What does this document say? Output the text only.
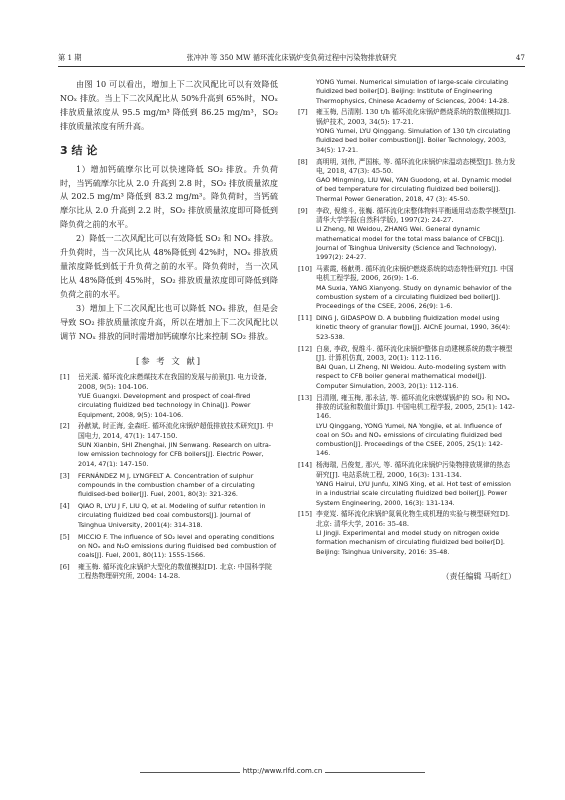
第 1 期	张冲冲 等 350 MW 循环流化床锅炉变负荷过程中污染物排放研究	47

由图 10 可以看出，增加上下二次风配比可以有效降低 NOₓ 排放。当上下二次风配比从 50%升高到 65%时，NOₓ 排放质量浓度从 95.5 mg/m³ 降低到 86.25 mg/m³，SO₂ 排放质量浓度有所升高。

3 结 论

1）增加钙硫摩尔比可以快速降低 SO₂ 排放。升负荷时，当钙硫摩尔比从 2.0 升高到 2.8 时，SO₂ 排放质量浓度从 202.5 mg/m³ 降低到 83.2 mg/m³。降负荷时，当钙硫摩尔比从 2.0 升高到 2.2 时，SO₂ 排放质量浓度即可降低到降负荷之前的水平。

2）降低一二次风配比可以有效降低 SO₂ 和 NOₓ 排放。升负荷时，当一次风比从 48%降低到 42%时，NOₓ 排放质量浓度降低到低于升负荷之前的水平。降负荷时，当一次风比从 48%降低到 45%时，SO₂ 排放质量浓度即可降低到降负荷之前的水平。

3）增加上下二次风配比也可以降低 NOₓ 排放，但是会导致 SO₂ 排放质量浓度升高，所以在增加上下二次风配比以调节 NOₓ 排放的同时需增加钙硫摩尔比来控制 SO₂ 排放。

[参 考 文 献]
[1]	岳光溪. 循环流化床燃煤技术在我国的发展与前景[J]. 电力设备, 2008, 9(5): 104-106.
YUE Guangxi. Development and prospect of coal-fired circulating fluidized bed technology in China[J]. Power Equipment, 2008, 9(5): 104-106.
[2]	孙献斌, 时正海, 金森旺. 循环流化床锅炉超低排放技术研究[J]. 中国电力, 2014, 47(1): 147-150.
SUN Xianbin, SHI Zhenghai, JIN Senwang. Research on ultra-low emission technology for CFB boilers[J]. Electric Power, 2014, 47(1): 147-150.
[3]	FERNÁNDEZ M J, LYNGFELT A. Concentration of sulphur compounds in the combustion chamber of a circulating fluidised-bed boiler[J]. Fuel, 2001, 80(3): 321-326.
[4]	QIAO R, LYU J F, LIU Q, et al. Modeling of sulfur retention in circulating fluidized bed coal combustors[J]. Journal of Tsinghua University, 2001(4): 314-318.
[5]	MICCIO F. The influence of SO₂ level and operating conditions on NOₓ and N₂O emissions during fluidised bed combustion of coals[J]. Fuel, 2001, 80(11): 1555-1566.
[6]	雍玉梅. 循环流化床锅炉大型化的数值模拟[D]. 北京: 中国科学院工程热物理研究所, 2004: 14-28.
YONG Yumei. Numerical simulation of large-scale circulating fluidized bed boiler[D]. Beijing: Institute of Engineering Thermophysics, Chinese Academy of Sciences, 2004: 14-28.
[7]	雍玉梅, 吕清刚. 130 t/h 循环流化床锅炉燃烧系统的数值模拟[J]. 锅炉技术, 2003, 34(5): 17-21.
YONG Yumei, LYU Qinggang. Simulation of 130 t/h circulating fluidized bed boiler combustion[J]. Boiler Technology, 2003, 34(5): 17-21.
[8]	高明明, 刘伟, 严国栋, 等. 循环流化床锅炉床温动态模型[J]. 热力发电, 2018, 47(3): 45-50.
GAO Mingming, LIU Wei, YAN Guodong, et al. Dynamic model of bed temperature for circulating fluidized bed boilers[J]. Thermal Power Generation, 2018, 47 (3): 45-50.
[9]	李政, 倪维斗, 张巍. 循环流化床整体物料平衡通用动态数学模型[J]. 清华大学学报(自然科学版), 1997(2): 24-27.
LI Zheng, NI Weidou, ZHANG Wei. General dynamic mathematical model for the total mass balance of CFBC[J]. Journal of Tsinghua University (Science and Technology), 1997(2): 24-27.
[10] 马素霞, 杨献勇. 循环流化床锅炉燃烧系统的动态特性研究[J]. 中国电机工程学报, 2006, 26(9): 1-6.
MA Suxia, YANG Xianyong. Study on dynamic behavior of the combustion system of a circulating fluidized bed boiler[J]. Proceedings of the CSEE, 2006, 26(9): 1-6.
[11] DING J, GIDASPOW D. A bubbling fluidization model using kinetic theory of granular flow[J]. AIChE Journal, 1990, 36(4): 523-538.
[12] 白泉, 李政, 倪维斗. 循环流化床锅炉整体自动建模系统的数字模型[J]. 计算机仿真, 2003, 20(1): 112-116.
BAI Quan, LI Zheng, NI Weidou. Auto-modeling system with respect to CFB boiler general mathematical model[J]. Computer Simulation, 2003, 20(1): 112-116.
[13] 吕清刚, 雍玉梅, 那永洁, 等. 循环流化床燃煤锅炉的 SO₂ 和 NOₓ 排放的试验和数值计算[J]. 中国电机工程学报, 2005, 25(1): 142-146.
LYU Qinggang, YONG Yumei, NA Yongjie, et al. Influence of coal on SO₂ and NOₓ emissions of circulating fluidized bed combustion[J]. Proceedings of the CSEE, 2005, 25(1): 142-146.
[14] 杨海瑞, 吕俊复, 那兴, 等. 循环流化床锅炉污染物排放规律的热态研究[J]. 电站系统工程, 2000, 16(3): 131-134.
YANG Hairui, LYU Junfu, XING Xing, et al. Hot test of emission in a industrial scale circulating fluidized bed boiler[J]. Power System Engineering, 2000, 16(3): 131-134.
[15] 李竞岌. 循环流化床锅炉氮氧化物生成机理的实验与模型研究[D]. 北京: 清华大学, 2016: 35-48.
LI Jingji. Experimental and model study on nitrogen oxide formation mechanism of circulating fluidized bed boiler[D]. Beijing: Tsinghua University, 2016: 35-48.
（责任编辑 马昕红）
http://www.rlfd.com.cn
